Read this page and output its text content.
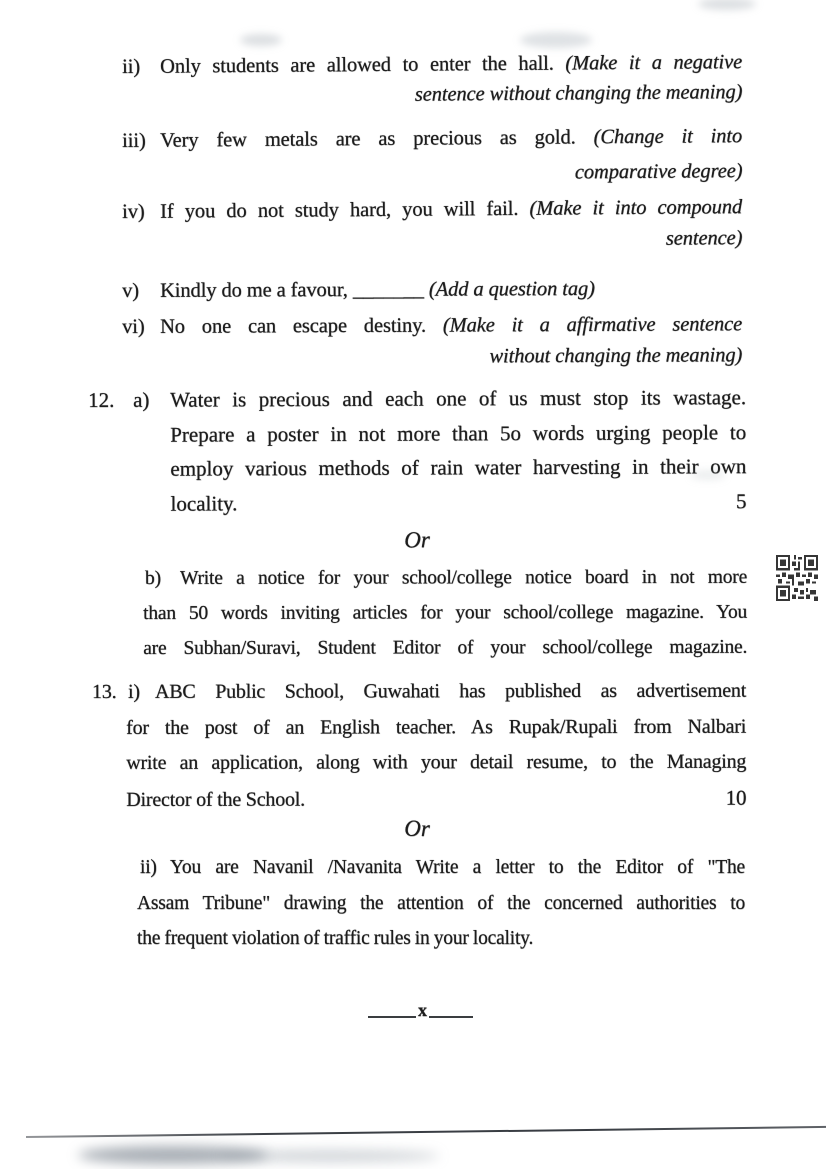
ii) Only students are allowed to enter the hall. (Make it a negative
sentence without changing the meaning)
iii) Very few metals are as precious as gold. (Change it into
comparative degree)
iv) If you do not study hard, you will fail. (Make it into compound
sentence)
v) Kindly do me a favour, _______ (Add a question tag)
vi) No one can escape destiny. (Make it a affirmative sentence
without changing the meaning)
12. a) Water is precious and each one of us must stop its wastage.
Prepare a poster in not more than 5o words urging people to
employ various methods of rain water harvesting in their own
locality.	5
Or
b) Write a notice for your school/college notice board in not more
than 50 words inviting articles for your school/college magazine. You
are Subhan/Suravi, Student Editor of your school/college magazine.
13. i) ABC Public School, Guwahati has published as advertisement
for the post of an English teacher. As Rupak/Rupali from Nalbari
write an application, along with your detail resume, to the Managing
Director of the School.	10
Or
ii) You are Navanil /Navanita Write a letter to the Editor of "The
Assam Tribune" drawing the attention of the concerned authorities to
the frequent violation of traffic rules in your locality.
x
